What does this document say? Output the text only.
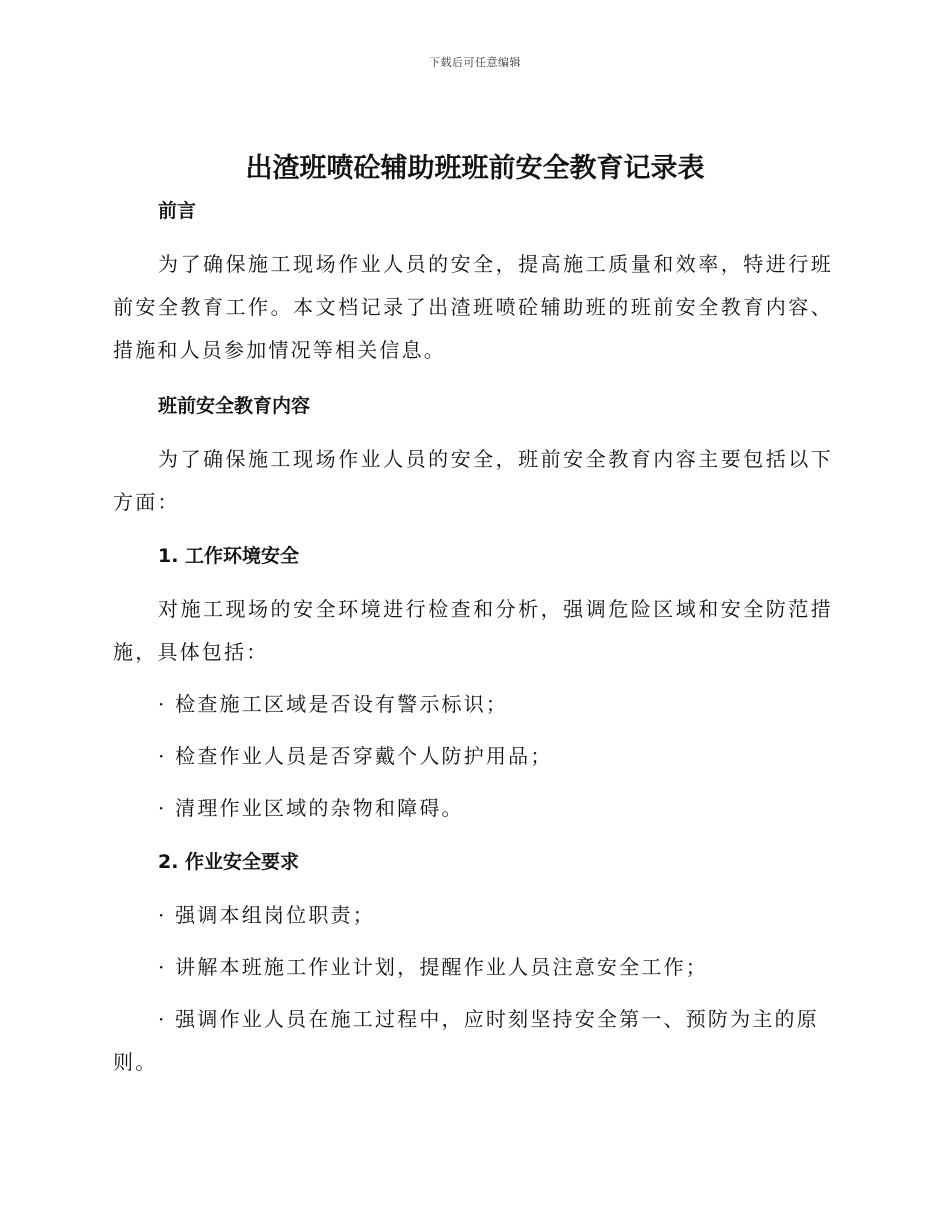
下载后可任意编辑
出渣班喷砼辅助班班前安全教育记录表
前言

为了确保施工现场作业人员的安全，提高施工质量和效率，特进行班前安全教育工作。本文档记录了出渣班喷砼辅助班的班前安全教育内容、措施和人员参加情况等相关信息。

班前安全教育内容

为了确保施工现场作业人员的安全，班前安全教育内容主要包括以下方面：

1. 工作环境安全

对施工现场的安全环境进行检查和分析，强调危险区域和安全防范措施，具体包括：

· 检查施工区域是否设有警示标识；

· 检查作业人员是否穿戴个人防护用品；

· 清理作业区域的杂物和障碍。

2. 作业安全要求

· 强调本组岗位职责；

· 讲解本班施工作业计划，提醒作业人员注意安全工作；

· 强调作业人员在施工过程中，应时刻坚持安全第一、预防为主的原则。
